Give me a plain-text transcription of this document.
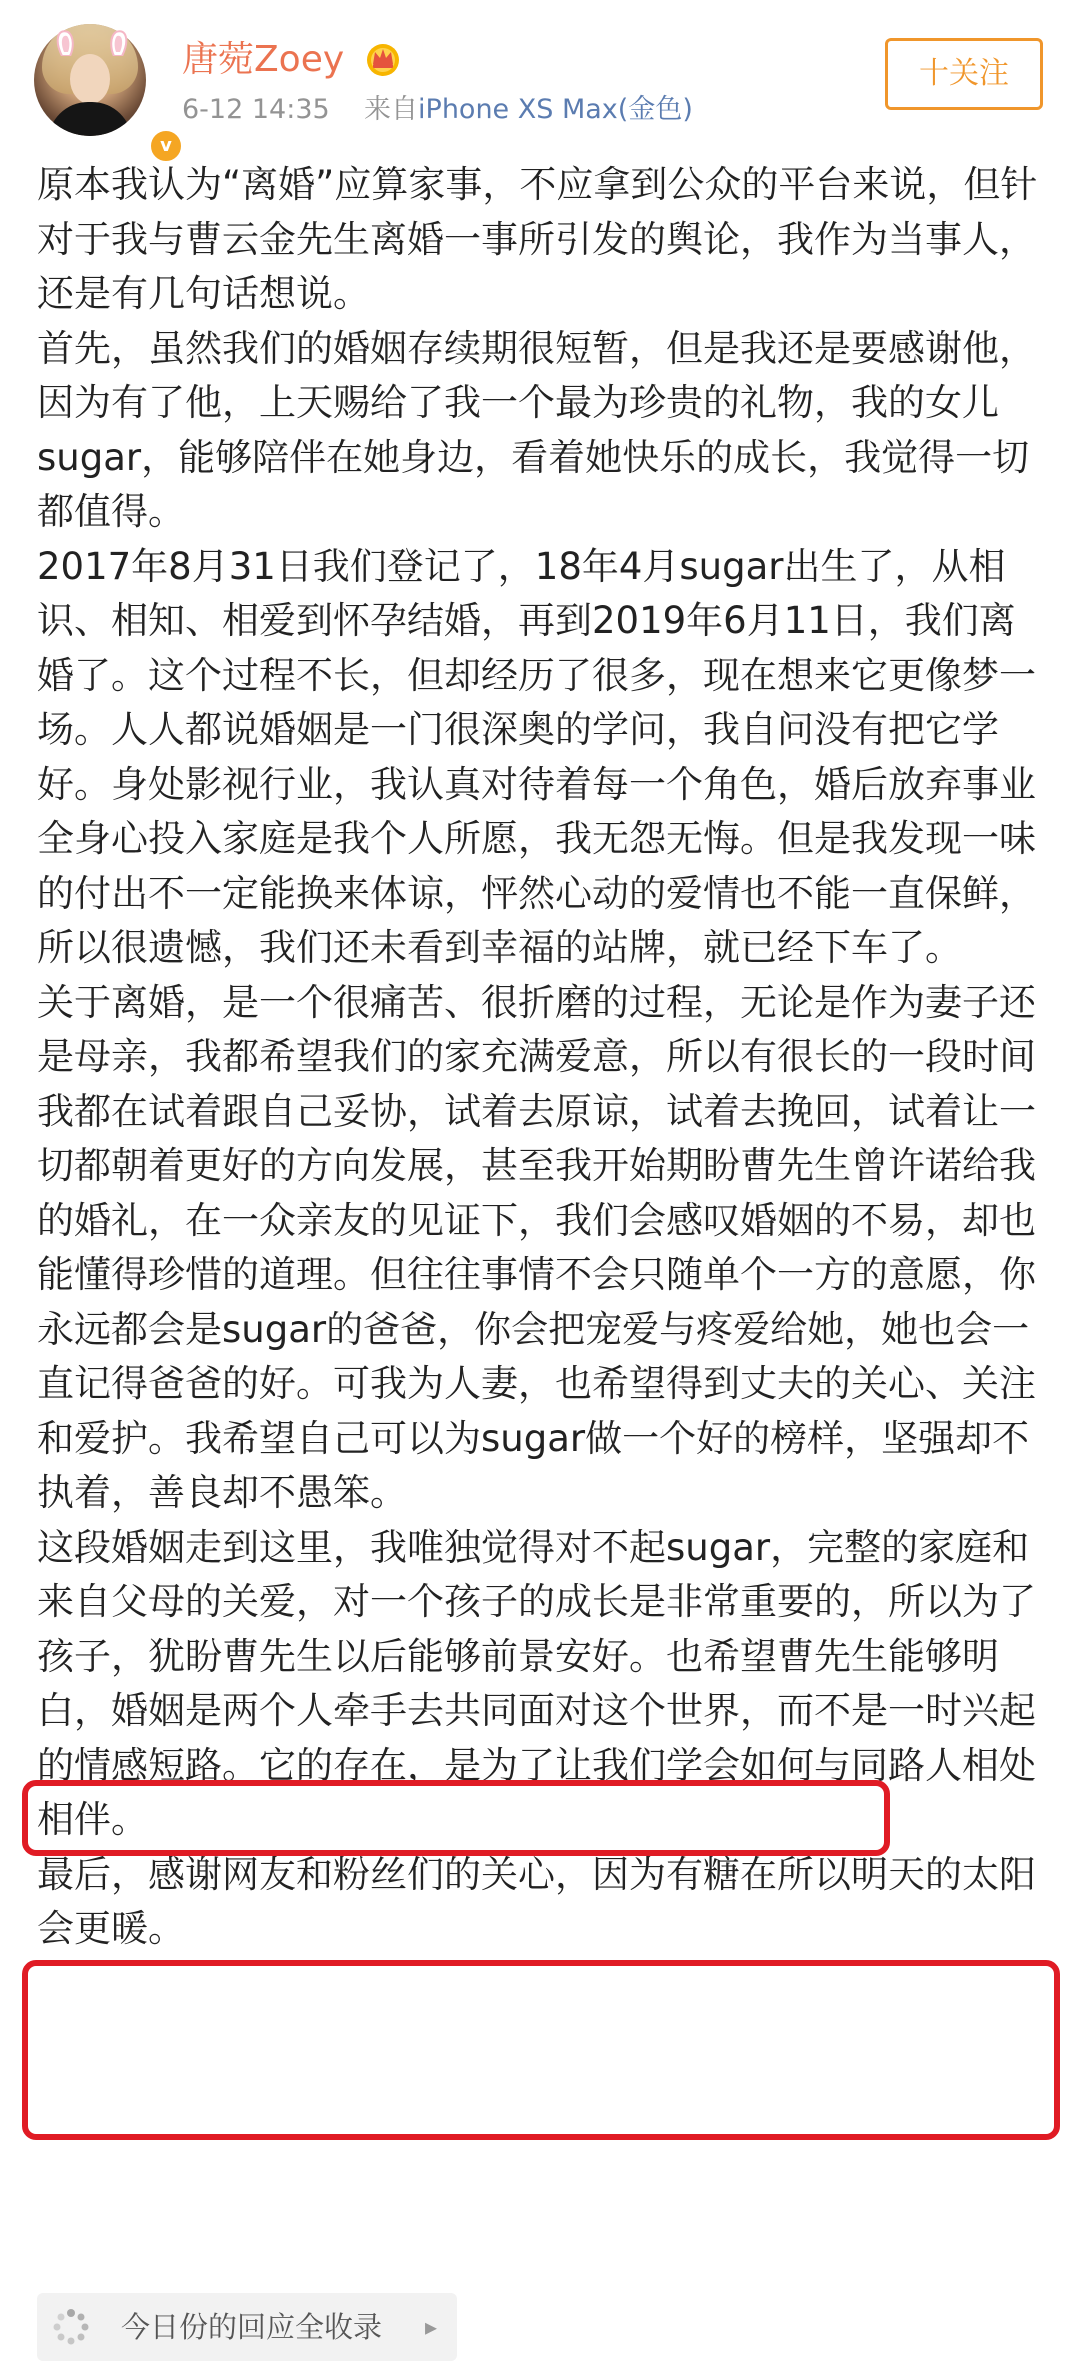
v
唐菀Zoey
6-12 14:35 来自iPhone XS Max(金色)
十关注

原本我认为“离婚”应算家事，不应拿到公众的平台来说，但针对于我与曹云金先生离婚一事所引发的舆论，我作为当事人，还是有几句话想说。

首先，虽然我们的婚姻存续期很短暂，但是我还是要感谢他，因为有了他，上天赐给了我一个最为珍贵的礼物，我的女儿sugar，能够陪伴在她身边，看着她快乐的成长，我觉得一切都值得。

2017年8月31日我们登记了，18年4月sugar出生了，从相识、相知、相爱到怀孕结婚，再到2019年6月11日，我们离婚了。这个过程不长，但却经历了很多，现在想来它更像梦一场。人人都说婚姻是一门很深奥的学问，我自问没有把它学好。身处影视行业，我认真对待着每一个角色，婚后放弃事业全身心投入家庭是我个人所愿，我无怨无悔。但是我发现一味的付出不一定能换来体谅，怦然心动的爱情也不能一直保鲜，所以很遗憾，我们还未看到幸福的站牌，就已经下车了。

关于离婚，是一个很痛苦、很折磨的过程，无论是作为妻子还是母亲，我都希望我们的家充满爱意，所以有很长的一段时间我都在试着跟自己妥协，试着去原谅，试着去挽回，试着让一切都朝着更好的方向发展，甚至我开始期盼曹先生曾许诺给我的婚礼，在一众亲友的见证下，我们会感叹婚姻的不易，却也能懂得珍惜的道理。但往往事情不会只随单个一方的意愿，你永远都会是sugar的爸爸，你会把宠爱与疼爱给她，她也会一直记得爸爸的好。可我为人妻，也希望得到丈夫的关心、关注和爱护。我希望自己可以为sugar做一个好的榜样，坚强却不执着，善良却不愚笨。

这段婚姻走到这里，我唯独觉得对不起sugar，完整的家庭和来自父母的关爱，对一个孩子的成长是非常重要的，所以为了孩子，犹盼曹先生以后能够前景安好。也希望曹先生能够明白，婚姻是两个人牵手去共同面对这个世界，而不是一时兴起的情感短路。它的存在，是为了让我们学会如何与同路人相处相伴。

最后，感谢网友和粉丝们的关心，因为有糖在所以明天的太阳会更暖。

今日份的回应全收录 ▸
